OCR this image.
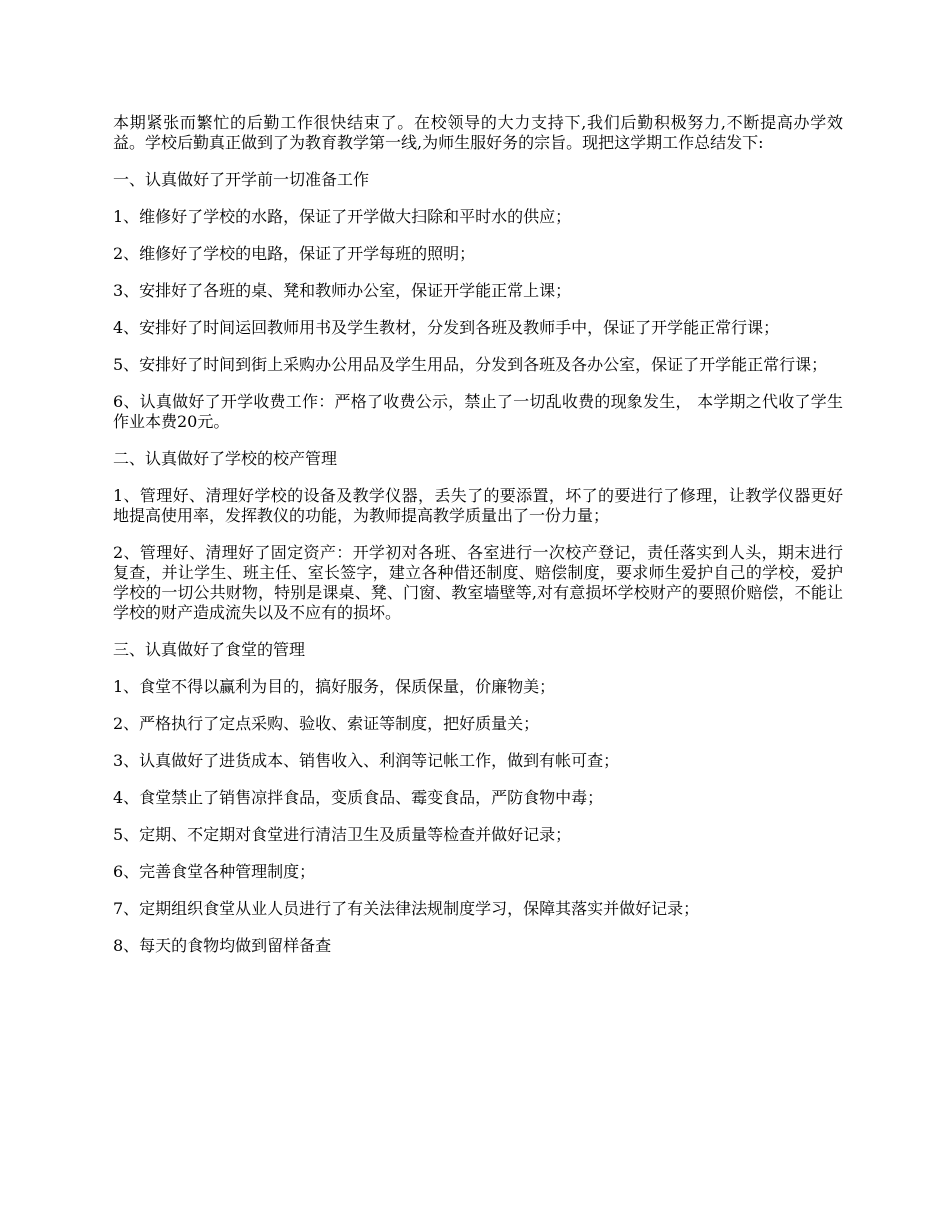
本期紧张而繁忙的后勤工作很快结束了。在校领导的大力支持下,我们后勤积极努力,不断提高办学效益。学校后勤真正做到了为教育教学第一线,为师生服好务的宗旨。现把这学期工作总结发下:

一、认真做好了开学前一切准备工作

1、维修好了学校的水路，保证了开学做大扫除和平时水的供应；

2、维修好了学校的电路，保证了开学每班的照明；

3、安排好了各班的桌、凳和教师办公室，保证开学能正常上课；

4、安排好了时间运回教师用书及学生教材，分发到各班及教师手中，保证了开学能正常行课；

5、安排好了时间到街上采购办公用品及学生用品，分发到各班及各办公室，保证了开学能正常行课；

6、认真做好了开学收费工作：严格了收费公示，禁止了一切乱收费的现象发生， 本学期之代收了学生作业本费20元。

二、认真做好了学校的校产管理

1、管理好、清理好学校的设备及教学仪器，丢失了的要添置，坏了的要进行了修理，让教学仪器更好地提高使用率，发挥教仪的功能，为教师提高教学质量出了一份力量；

2、管理好、清理好了固定资产：开学初对各班、各室进行一次校产登记，责任落实到人头，期末进行复查，并让学生、班主任、室长签字，建立各种借还制度、赔偿制度，要求师生爱护自己的学校，爱护学校的一切公共财物，特别是课桌、凳、门窗、教室墙壁等,对有意损坏学校财产的要照价赔偿，不能让学校的财产造成流失以及不应有的损坏。

三、认真做好了食堂的管理

1、食堂不得以赢利为目的，搞好服务，保质保量，价廉物美；

2、严格执行了定点采购、验收、索证等制度，把好质量关；

3、认真做好了进货成本、销售收入、利润等记帐工作，做到有帐可查；

4、食堂禁止了销售凉拌食品，变质食品、霉变食品，严防食物中毒；

5、定期、不定期对食堂进行清洁卫生及质量等检查并做好记录；

6、完善食堂各种管理制度；

7、定期组织食堂从业人员进行了有关法律法规制度学习，保障其落实并做好记录；

8、每天的食物均做到留样备查
